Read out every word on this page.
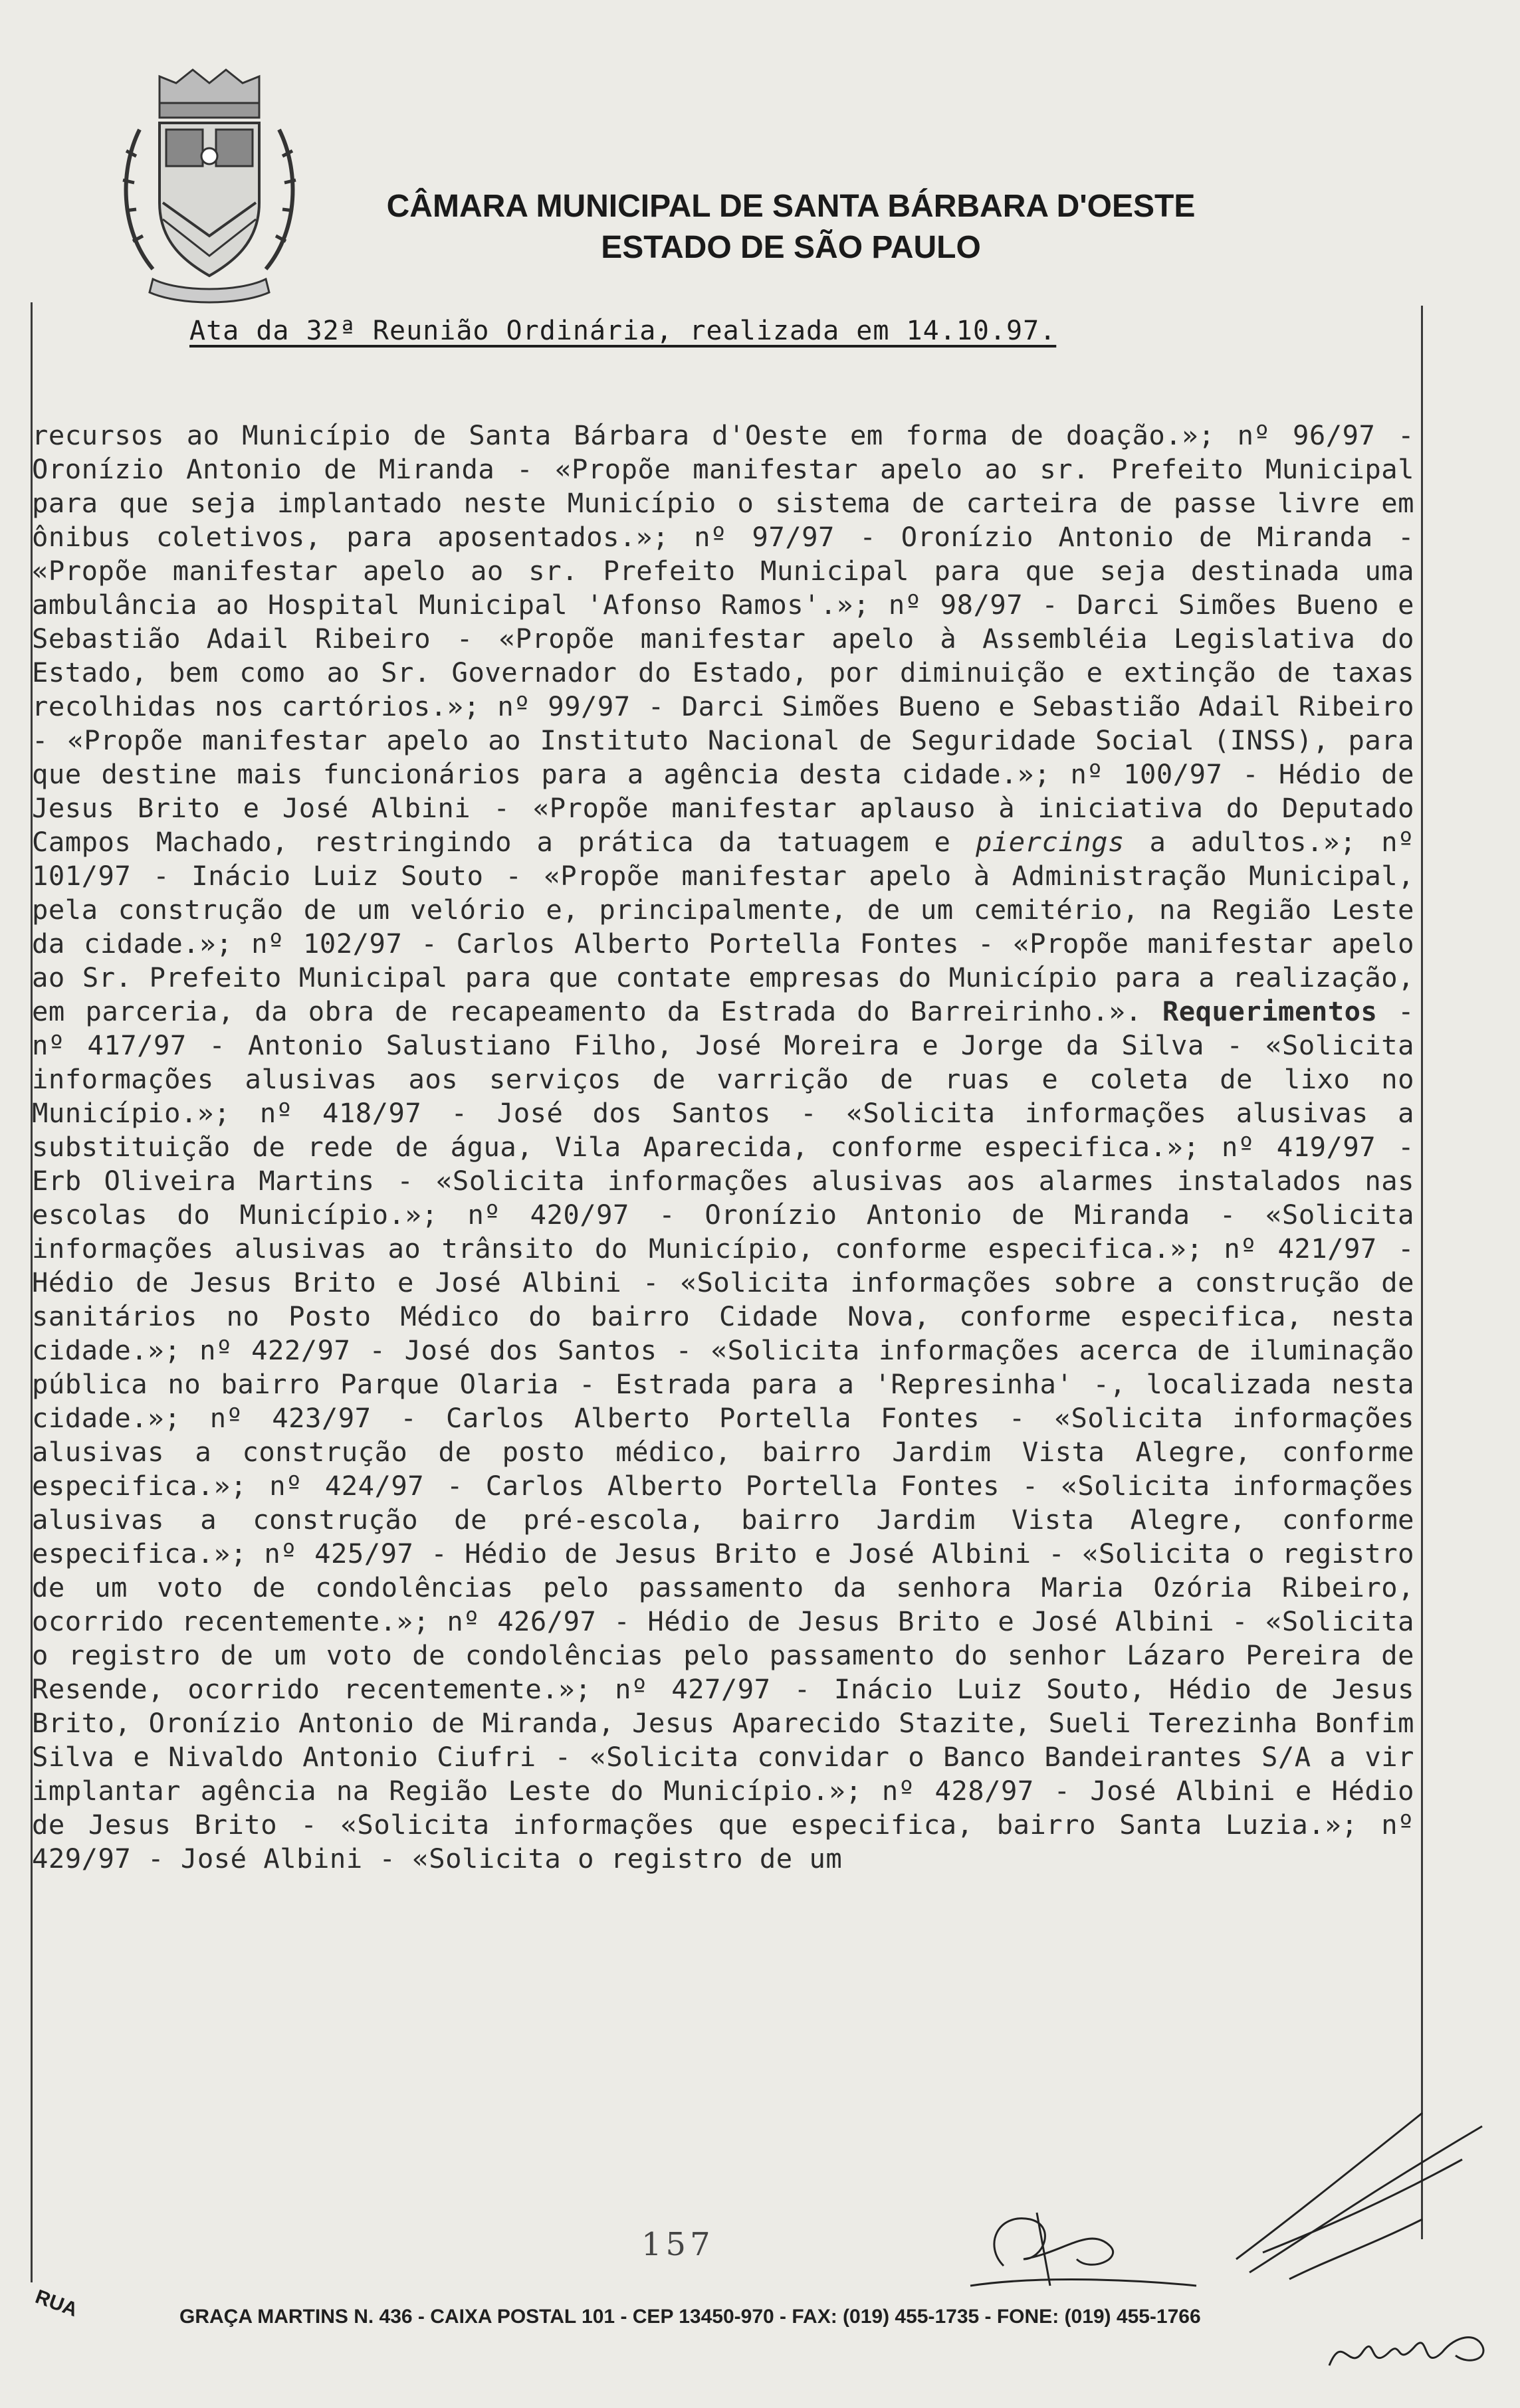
CÂMARA MUNICIPAL DE SANTA BÁRBARA D'OESTE
ESTADO DE SÃO PAULO
Ata da 32ª Reunião Ordinária, realizada em 14.10.97.
recursos ao Município de Santa Bárbara d'Oeste em forma de doação.»; nº 96/97 - Oronízio Antonio de Miranda - «Propõe manifestar apelo ao sr. Prefeito Municipal para que seja implantado neste Município o sistema de carteira de passe livre em ônibus coletivos, para aposentados.»; nº 97/97 - Oronízio Antonio de Miranda - «Propõe manifestar apelo ao sr. Prefeito Municipal para que seja destinada uma ambulância ao Hospital Municipal 'Afonso Ramos'.»; nº 98/97 - Darci Simões Bueno e Sebastião Adail Ribeiro - «Propõe manifestar apelo à Assembléia Legislativa do Estado, bem como ao Sr. Governador do Estado, por diminuição e extinção de taxas recolhidas nos cartórios.»; nº 99/97 - Darci Simões Bueno e Sebastião Adail Ribeiro - «Propõe manifestar apelo ao Instituto Nacional de Seguridade Social (INSS), para que destine mais funcionários para a agência desta cidade.»; nº 100/97 - Hédio de Jesus Brito e José Albini - «Propõe manifestar aplauso à iniciativa do Deputado Campos Machado, restringindo a prática da tatuagem e piercings a adultos.»; nº 101/97 - Inácio Luiz Souto - «Propõe manifestar apelo à Administração Municipal, pela construção de um velório e, principalmente, de um cemitério, na Região Leste da cidade.»; nº 102/97 - Carlos Alberto Portella Fontes - «Propõe manifestar apelo ao Sr. Prefeito Municipal para que contate empresas do Município para a realização, em parceria, da obra de recapeamento da Estrada do Barreirinho.». Requerimentos - nº 417/97 - Antonio Salustiano Filho, José Moreira e Jorge da Silva - «Solicita informações alusivas aos serviços de varrição de ruas e coleta de lixo no Município.»; nº 418/97 - José dos Santos - «Solicita informações alusivas a substituição de rede de água, Vila Aparecida, conforme especifica.»; nº 419/97 - Erb Oliveira Martins - «Solicita informações alusivas aos alarmes instalados nas escolas do Município.»; nº 420/97 - Oronízio Antonio de Miranda - «Solicita informações alusivas ao trânsito do Município, conforme especifica.»; nº 421/97 - Hédio de Jesus Brito e José Albini - «Solicita informações sobre a construção de sanitários no Posto Médico do bairro Cidade Nova, conforme especifica, nesta cidade.»; nº 422/97 - José dos Santos - «Solicita informações acerca de iluminação pública no bairro Parque Olaria - Estrada para a 'Represinha' -, localizada nesta cidade.»; nº 423/97 - Carlos Alberto Portella Fontes - «Solicita informações alusivas a construção de posto médico, bairro Jardim Vista Alegre, conforme especifica.»; nº 424/97 - Carlos Alberto Portella Fontes - «Solicita informações alusivas a construção de pré-escola, bairro Jardim Vista Alegre, conforme especifica.»; nº 425/97 - Hédio de Jesus Brito e José Albini - «Solicita o registro de um voto de condolências pelo passamento da senhora Maria Ozória Ribeiro, ocorrido recentemente.»; nº 426/97 - Hédio de Jesus Brito e José Albini - «Solicita o registro de um voto de condolências pelo passamento do senhor Lázaro Pereira de Resende, ocorrido recentemente.»; nº 427/97 - Inácio Luiz Souto, Hédio de Jesus Brito, Oronízio Antonio de Miranda, Jesus Aparecido Stazite, Sueli Terezinha Bonfim Silva e Nivaldo Antonio Ciufri - «Solicita convidar o Banco Bandeirantes S/A a vir implantar agência na Região Leste do Município.»; nº 428/97 - José Albini e Hédio de Jesus Brito - «Solicita informações que especifica, bairro Santa Luzia.»; nº 429/97 - José Albini - «Solicita o registro de um
157
RUA	GRAÇA MARTINS N. 436 - CAIXA POSTAL 101 - CEP 13450-970 - FAX: (019) 455-1735 - FONE: (019) 455-1766
